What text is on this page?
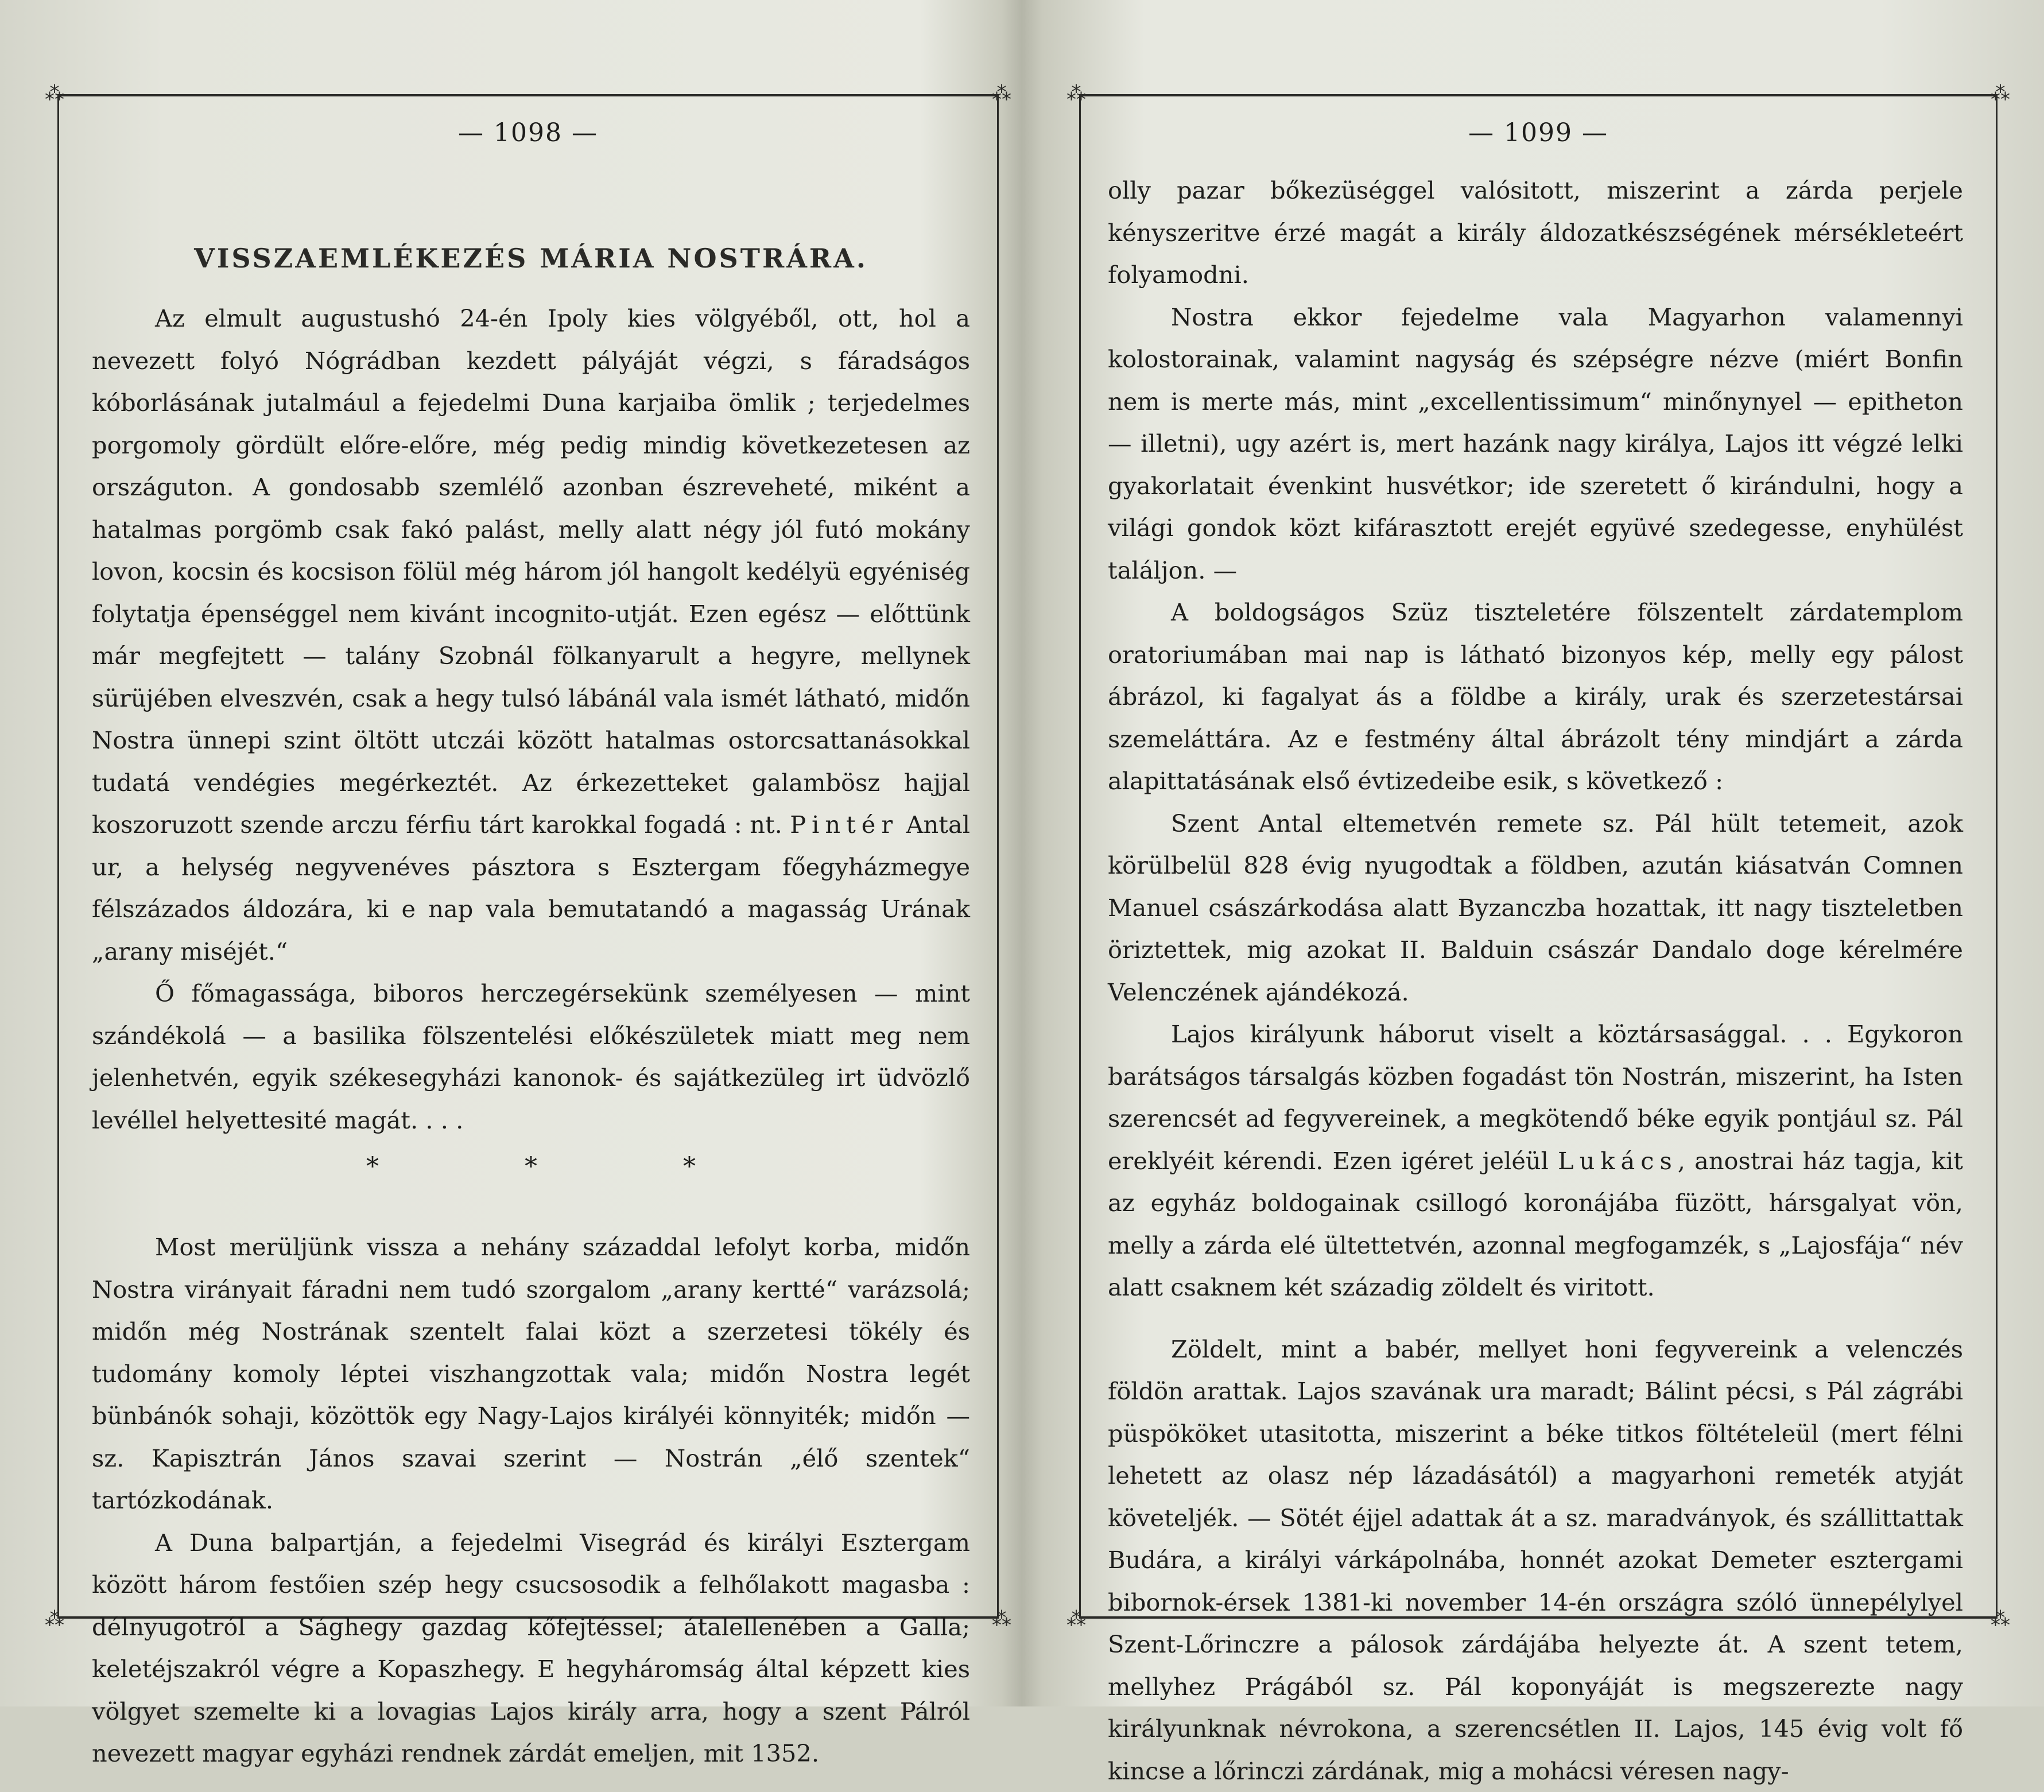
⁂	⁂
⁂	⁂
— 1098 —
VISSZAEMLÉKEZÉS MÁRIA NOSTRÁRA.

Az elmult augustushó 24-én Ipoly kies völgyéből, ott, hol a nevezett folyó Nógrádban kezdett pályáját végzi, s fáradságos kóborlásának jutalmául a fejedelmi Duna karjaiba ömlik ; terjedelmes porgomoly gördült előre-előre, még pedig mindig következetesen az országuton. A gondosabb szemlélő azonban észreveheté, miként a hatalmas porgömb csak fakó palást, melly alatt négy jól futó mokány lovon, kocsin és kocsison fölül még három jól hangolt kedélyü egyéniség folytatja épenséggel nem kivánt incognito-utját. Ezen egész — előttünk már megfejtett — talány Szobnál fölkanyarult a hegyre, mellynek sürüjében elveszvén, csak a hegy tulsó lábánál vala ismét látható, midőn Nostra ünnepi szint öltött utczái között hatalmas ostorcsattanásokkal tudatá vendégies megérkeztét. Az érkezetteket galambösz hajjal koszoruzott szende arczu férfiu tárt karokkal fogadá : nt. Pintér Antal ur, a helység negyvenéves pásztora s Esztergam főegyházmegye félszázados áldozára, ki e nap vala bemutatandó a magasság Urának „arany miséjét.“

Ő főmagassága, biboros herczegérsekünk személyesen — mint szándékolá — a basilika fölszentelési előkészületek miatt meg nem jelenhetvén, egyik székesegyházi kanonok- és sajátkezüleg irt üdvözlő levéllel helyettesité magát. . . .

* * *

Most merüljünk vissza a nehány századdal lefolyt korba, midőn Nostra virányait fáradni nem tudó szorgalom „arany kertté“ varázsolá; midőn még Nostrának szentelt falai közt a szerzetesi tökély és tudomány komoly léptei viszhangzottak vala; midőn Nostra legét bünbánók sohaji, közöttök egy Nagy-Lajos királyéi könnyiték; midőn — sz. Kapisztrán János szavai szerint — Nostrán „élő szentek“ tartózkodának.

A Duna balpartján, a fejedelmi Visegrád és királyi Esztergam között három festőien szép hegy csucsosodik a felhőlakott magasba : délnyugotról a Sághegy gazdag kőfejtéssel; átalellenében a Galla; keletéjszakról végre a Kopaszhegy. E hegyháromság által képzett kies völgyet szemelte ki a lovagias Lajos király arra, hogy a szent Pálról nevezett magyar egyházi rendnek zárdát emeljen, mit 1352.

⁂	⁂
⁂	⁂
— 1099 —

olly pazar bőkezüséggel valósitott, miszerint a zárda perjele kényszeritve érzé magát a király áldozatkészségének mérsékleteért folyamodni.

Nostra ekkor fejedelme vala Magyarhon valamennyi kolostorainak, valamint nagyság és szépségre nézve (miért Bonfin nem is merte más, mint „excellentissimum“ minőnynyel — epitheton — illetni), ugy azért is, mert hazánk nagy királya, Lajos itt végzé lelki gyakorlatait évenkint husvétkor; ide szeretett ő kirándulni, hogy a világi gondok közt kifárasztott erejét együvé szedegesse, enyhülést találjon. —

A boldogságos Szüz tiszteletére fölszentelt zárdatemplom oratoriumában mai nap is látható bizonyos kép, melly egy pálost ábrázol, ki fagalyat ás a földbe a király, urak és szerzetestársai szemeláttára. Az e festmény által ábrázolt tény mindjárt a zárda alapittatásának első évtizedeibe esik, s következő :

Szent Antal eltemetvén remete sz. Pál hült tetemeit, azok körülbelül 828 évig nyugodtak a földben, azután kiásatván Comnen Manuel császárkodása alatt Byzanczba hozattak, itt nagy tiszteletben öriztettek, mig azokat II. Balduin császár Dandalo doge kérelmére Velenczének ajándékozá.

Lajos királyunk háborut viselt a köztársasággal. . . Egykoron barátságos társalgás közben fogadást tön Nostrán, miszerint, ha Isten szerencsét ad fegyvereinek, a megkötendő béke egyik pontjául sz. Pál ereklyéit kérendi. Ezen igéret jeléül Lukács, anostrai ház tagja, kit az egyház boldogainak csillogó koronájába füzött, hársgalyat vön, melly a zárda elé ültettetvén, azonnal megfogamzék, s „Lajosfája“ név alatt csaknem két századig zöldelt és viritott.

Zöldelt, mint a babér, mellyet honi fegyvereink a velenczés földön arattak. Lajos szavának ura maradt; Bálint pécsi, s Pál zágrábi püspököket utasitotta, miszerint a béke titkos föltételeül (mert félni lehetett az olasz nép lázadásától) a magyarhoni remeték atyját követeljék. — Sötét éjjel adattak át a sz. maradványok, és szállittattak Budára, a királyi várkápolnába, honnét azokat Demeter esztergami bibornok-érsek 1381-ki november 14-én országra szóló ünnepélylyel Szent-Lőrinczre a pálosok zárdájába helyezte át. A szent tetem, mellyhez Prágából sz. Pál koponyáját is megszerezte nagy királyunknak névrokona, a szerencsétlen II. Lajos, 145 évig volt fő kincse a lőrinczi zárdának, mig a mohácsi véresen nagy-
